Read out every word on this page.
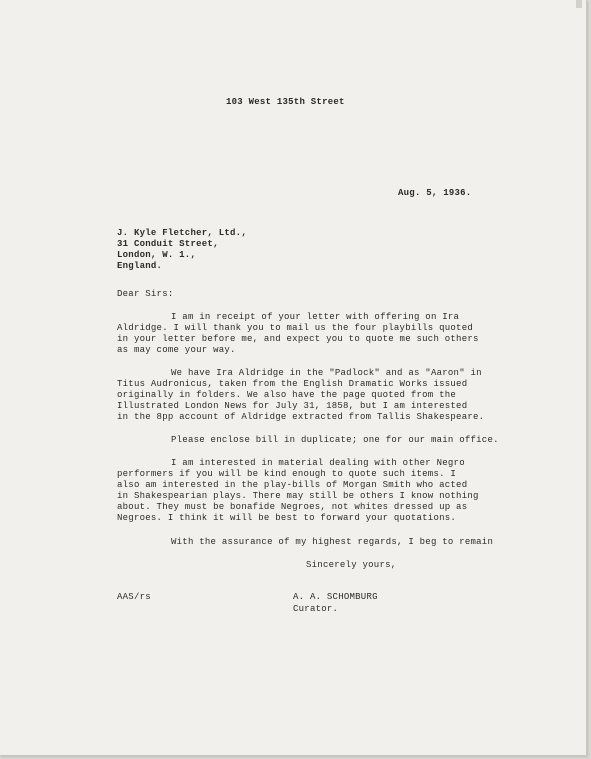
103 West 135th Street
Aug. 5, 1936.
J. Kyle Fletcher, Ltd.,
31 Conduit Street,
London, W. 1.,
England.
Dear Sirs:
I am in receipt of your letter with offering on Ira
Aldridge. I will thank you to mail us the four playbills quoted
in your letter before me, and expect you to quote me such others
as may come your way.
We have Ira Aldridge in the "Padlock" and as "Aaron" in
Titus Audronicus, taken from the English Dramatic Works issued
originally in folders. We also have the page quoted from the
Illustrated London News for July 31, 1858, but I am interested
in the 8pp account of Aldridge extracted from Tallis Shakespeare.
Please enclose bill in duplicate; one for our main office.
I am interested in material dealing with other Negro
performers if you will be kind enough to quote such items. I
also am interested in the play-bills of Morgan Smith who acted
in Shakespearian plays. There may still be others I know nothing
about. They must be bonafide Negroes, not whites dressed up as
Negroes. I think it will be best to forward your quotations.
With the assurance of my highest regards, I beg to remain
Sincerely yours,
AAS/rs	A. A. SCHOMBURG
Curator.
